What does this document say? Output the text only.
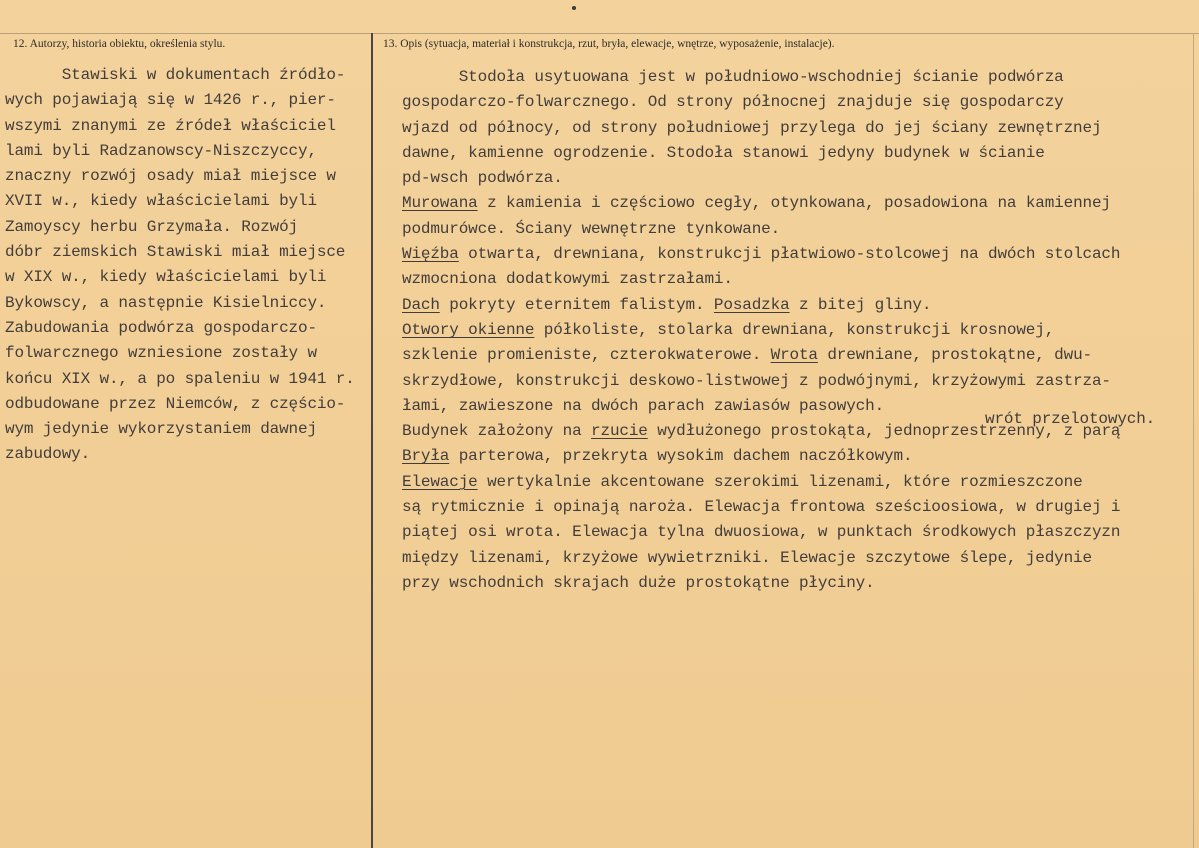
12. Autorzy, historia obiektu, określenia stylu.	13. Opis (sytuacja, materiał i konstrukcja, rzut, bryła, elewacje, wnętrze, wyposażenie, instalacje).
Stawiski w dokumentach źródło-
wych pojawiają się w 1426 r., pier-
wszymi znanymi ze źródeł właściciel
lami byli Radzanowscy-Niszczyccy,
znaczny rozwój osady miał miejsce w
XVII w., kiedy właścicielami byli
Zamoyscy herbu Grzymała. Rozwój
dóbr ziemskich Stawiski miał miejsce
w XIX w., kiedy właścicielami byli
Bykowscy, a następnie Kisielniccy.
Zabudowania podwórza gospodarczo-
folwarcznego wzniesione zostały w
końcu XIX w., a po spaleniu w 1941 r.
odbudowane przez Niemców, z częścio-
wym jedynie wykorzystaniem dawnej
zabudowy.
Stodoła usytuowana jest w południowo-wschodniej ścianie podwórza
gospodarczo-folwarcznego. Od strony północnej znajduje się gospodarczy
wjazd od północy, od strony południowej przylega do jej ściany zewnętrznej
dawne, kamienne ogrodzenie. Stodoła stanowi jedyny budynek w ścianie
pd-wsch podwórza.
Murowana z kamienia i częściowo cegły, otynkowana, posadowiona na kamiennej
podmurówce. Ściany wewnętrzne tynkowane.
Więźba otwarta, drewniana, konstrukcji płatwiowo-stolcowej na dwóch stolcach
wzmocniona dodatkowymi zastrzałami.
Dach pokryty eternitem falistym. Posadzka z bitej gliny.
Otwory okienne półkoliste, stolarka drewniana, konstrukcji krosnowej,
szklenie promieniste, czterokwaterowe. Wrota drewniane, prostokątne, dwu-
skrzydłowe, konstrukcji deskowo-listwowej z podwójnymi, krzyżowymi zastrza-
łami, zawieszone na dwóch parach zawiasów pasowych.
Budynek założony na rzucie wydłużonego prostokąta, jednoprzestrzenny, z parą
Bryła parterowa, przekryta wysokim dachem naczółkowym.
Elewacje wertykalnie akcentowane szerokimi lizenami, które rozmieszczone
są rytmicznie i opinają naroża. Elewacja frontowa sześcioosiowa, w drugiej i
piątej osi wrota. Elewacja tylna dwuosiowa, w punktach środkowych płaszczyzn
między lizenami, krzyżowe wywietrzniki. Elewacje szczytowe ślepe, jedynie
przy wschodnich skrajach duże prostokątne płyciny.
wrót przelotowych.
